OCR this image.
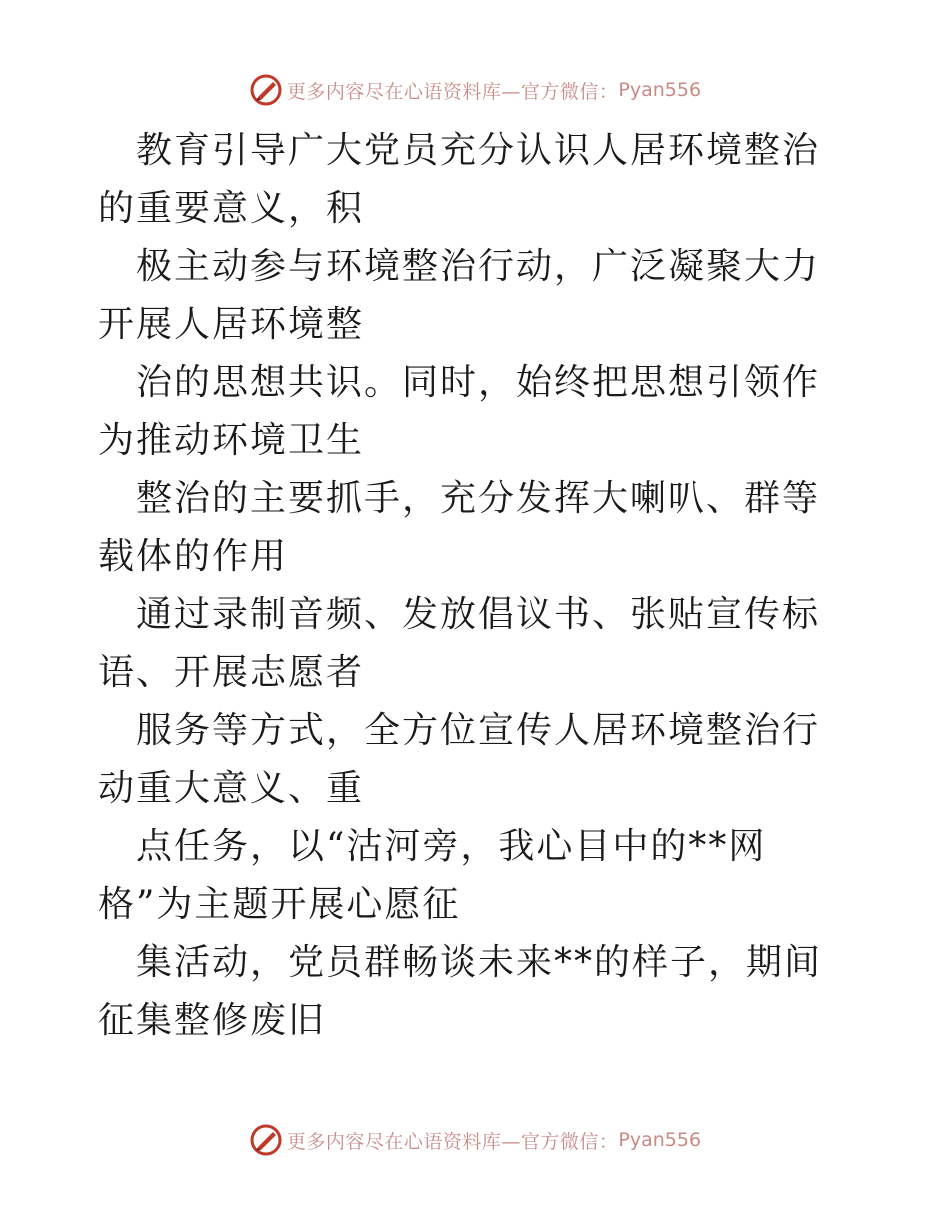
更多内容尽在心语资料库—官方微信： Pyan556

教育引导广大党员充分认识人居环境整治的重要意义，积

极主动参与环境整治行动，广泛凝聚大力开展人居环境整

治的思想共识。同时，始终把思想引领作为推动环境卫生

整治的主要抓手，充分发挥大喇叭、群等载体的作用

通过录制音频、发放倡议书、张贴宣传标语、开展志愿者

服务等方式，全方位宣传人居环境整治行动重大意义、重

点任务，以“沽河旁，我心目中的**网格”为主题开展心愿征

集活动，党员群畅谈未来**的样子，期间征集整修废旧

更多内容尽在心语资料库—官方微信： Pyan556
